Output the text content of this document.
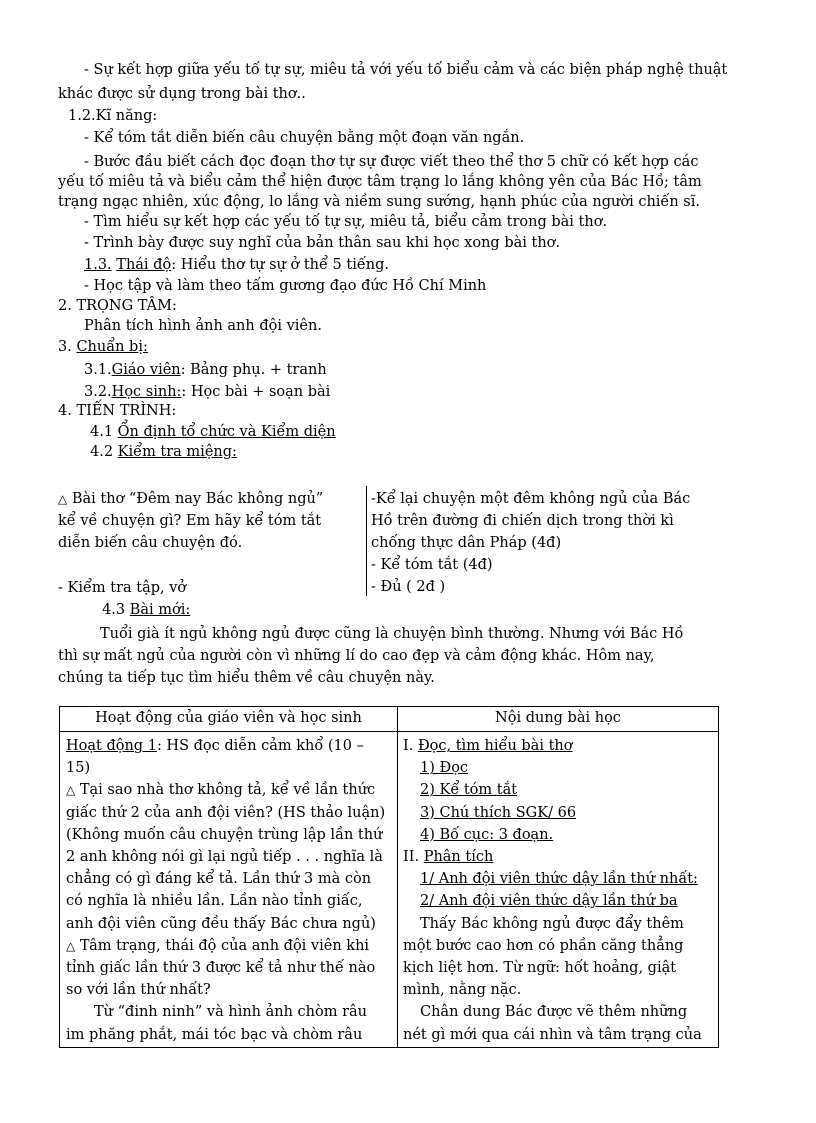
- Sự kết hợp giữa yếu tố tự sự, miêu tả với yếu tố biểu cảm và các biện pháp nghệ thuật
khác được sử dụng trong bài thơ..
1.2.Kĩ năng:
- Kể tóm tắt diễn biến câu chuyện bằng một đoạn văn ngắn.
- Bước đầu biết cách đọc đoạn thơ tự sự được viết theo thể thơ 5 chữ có kết hợp các
yếu tố miêu tả và biểu cảm thể hiện được tâm trạng lo lắng không yên của Bác Hồ; tâm
trạng ngạc nhiên, xúc động, lo lắng và niềm sung sướng, hạnh phúc của người chiến sĩ.
- Tìm hiểu sự kết hợp các yếu tố tự sự, miêu tả, biểu cảm trong bài thơ.
- Trình bày được suy nghĩ của bản thân sau khi học xong bài thơ.
1.3. Thái độ: Hiểu thơ tự sự ở thể 5 tiếng.
- Học tập và làm theo tấm gương đạo đức Hồ Chí Minh
2. TRỌNG TÂM:
Phân tích hình ảnh anh đội viên.
3. Chuẩn bị:
3.1.Giáo viên: Bảng phụ. + tranh
3.2.Học sinh:: Học bài + soạn bài
4. TIẾN TRÌNH:
4.1 Ổn định tổ chức và Kiểm diện
4.2 Kiểm tra miệng:
△ Bài thơ “Đêm nay Bác không ngủ”
kể về chuyện gì? Em hãy kể tóm tắt
diễn biến câu chuyện đó.
- Kiểm tra tập, vở
-Kể lại chuyện một đêm không ngủ của Bác
Hồ trên đường đi chiến dịch trong thời kì
chống thực dân Pháp (4đ)
- Kể tóm tắt (4đ)
- Đủ ( 2đ )
4.3 Bài mới:
Tuổi già ít ngủ không ngủ được cũng là chuyện bình thường. Nhưng với Bác Hồ
thì sự mất ngủ của người còn vì những lí do cao đẹp và cảm động khác. Hôm nay,
chúng ta tiếp tục tìm hiểu thêm về câu chuyện này.
Hoạt động của giáo viên và học sinh	Nội dung bài học
Hoạt động 1: HS đọc diễn cảm khổ (10 –
15)
△ Tại sao nhà thơ không tả, kể về lần thức
giấc thứ 2 của anh đội viên? (HS thảo luận)
(Không muốn câu chuyện trùng lập lần thứ
2 anh không nói gì lại ngủ tiếp . . . nghĩa là
chẳng có gì đáng kể tả. Lần thứ 3 mà còn
có nghĩa là nhiều lần. Lần nào tỉnh giấc,
anh đội viên cũng đều thấy Bác chưa ngủ)
△ Tâm trạng, thái độ của anh đội viên khi
tỉnh giấc lần thứ 3 được kể tả như thế nào
so với lần thứ nhất?
Từ “đinh ninh” và hình ảnh chòm râu
im phăng phắt, mái tóc bạc và chòm râu
I. Đọc, tìm hiểu bài thơ
1) Đọc
2) Kể tóm tắt
3) Chú thích SGK/ 66
4) Bố cục: 3 đoạn.
II. Phân tích
1/ Anh đội viên thức dậy lần thứ nhất:
2/ Anh đội viên thức dậy lần thứ ba
Thấy Bác không ngủ được đẩy thêm
một bước cao hơn có phần căng thẳng
kịch liệt hơn. Từ ngữ: hốt hoảng, giật
mình, nằng nặc.
Chân dung Bác được vẽ thêm những
nét gì mới qua cái nhìn và tâm trạng của
